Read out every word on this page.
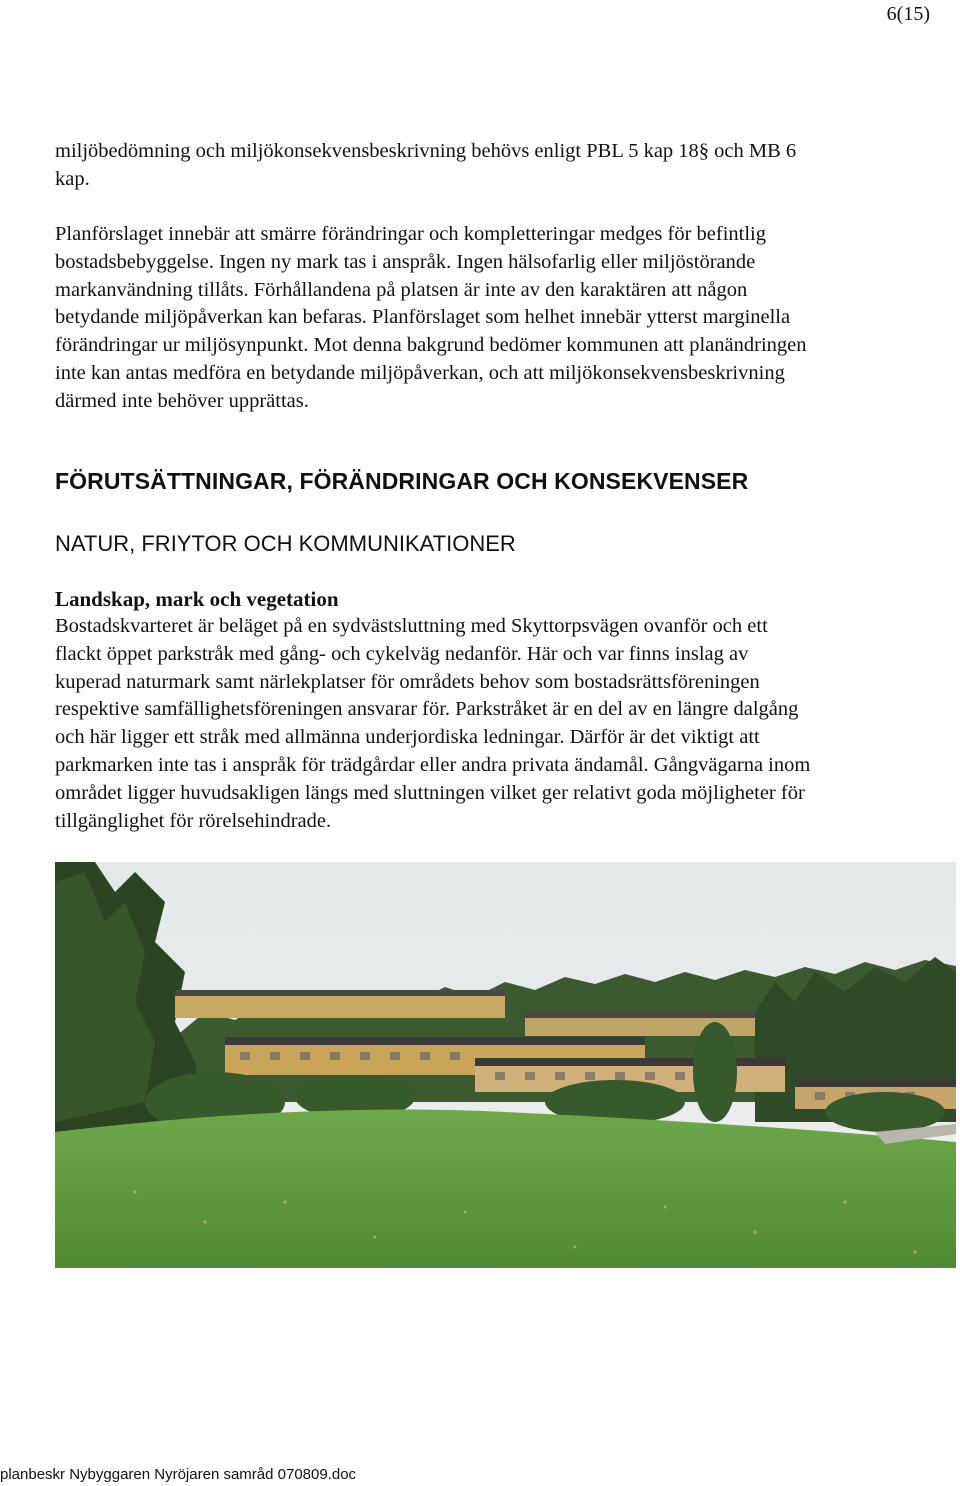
6(15)
miljöbedömning och miljökonsekvensbeskrivning behövs enligt PBL 5 kap 18§ och MB 6
kap.
Planförslaget innebär att smärre förändringar och kompletteringar medges för befintlig
bostadsbebyggelse. Ingen ny mark tas i anspråk. Ingen hälsofarlig eller miljöstörande
markanvändning tillåts. Förhållandena på platsen är inte av den karaktären att någon
betydande miljöpåverkan kan befaras. Planförslaget som helhet innebär ytterst marginella
förändringar ur miljösynpunkt. Mot denna bakgrund bedömer kommunen att planändringen
inte kan antas medföra en betydande miljöpåverkan, och att miljökonsekvensbeskrivning
därmed inte behöver upprättas.
FÖRUTSÄTTNINGAR, FÖRÄNDRINGAR OCH KONSEKVENSER
NATUR, FRIYTOR OCH KOMMUNIKATIONER
Landskap, mark och vegetation
Bostadskvarteret är beläget på en sydvästsluttning med Skyttorpsvägen ovanför och ett
flackt öppet parkstråk med gång- och cykelväg nedanför. Här och var finns inslag av
kuperad naturmark samt närlekplatser för områdets behov som bostadsrättsföreningen
respektive samfällighetsföreningen ansvarar för. Parkstråket är en del av en längre dalgång
och här ligger ett stråk med allmänna underjordiska ledningar. Därför är det viktigt att
parkmarken inte tas i anspråk för trädgårdar eller andra privata ändamål. Gångvägarna inom
området ligger huvudsakligen längs med sluttningen vilket ger relativt goda möjligheter för
tillgänglighet för rörelsehindrade.
planbeskr Nybyggaren Nyröjaren samråd 070809.doc
